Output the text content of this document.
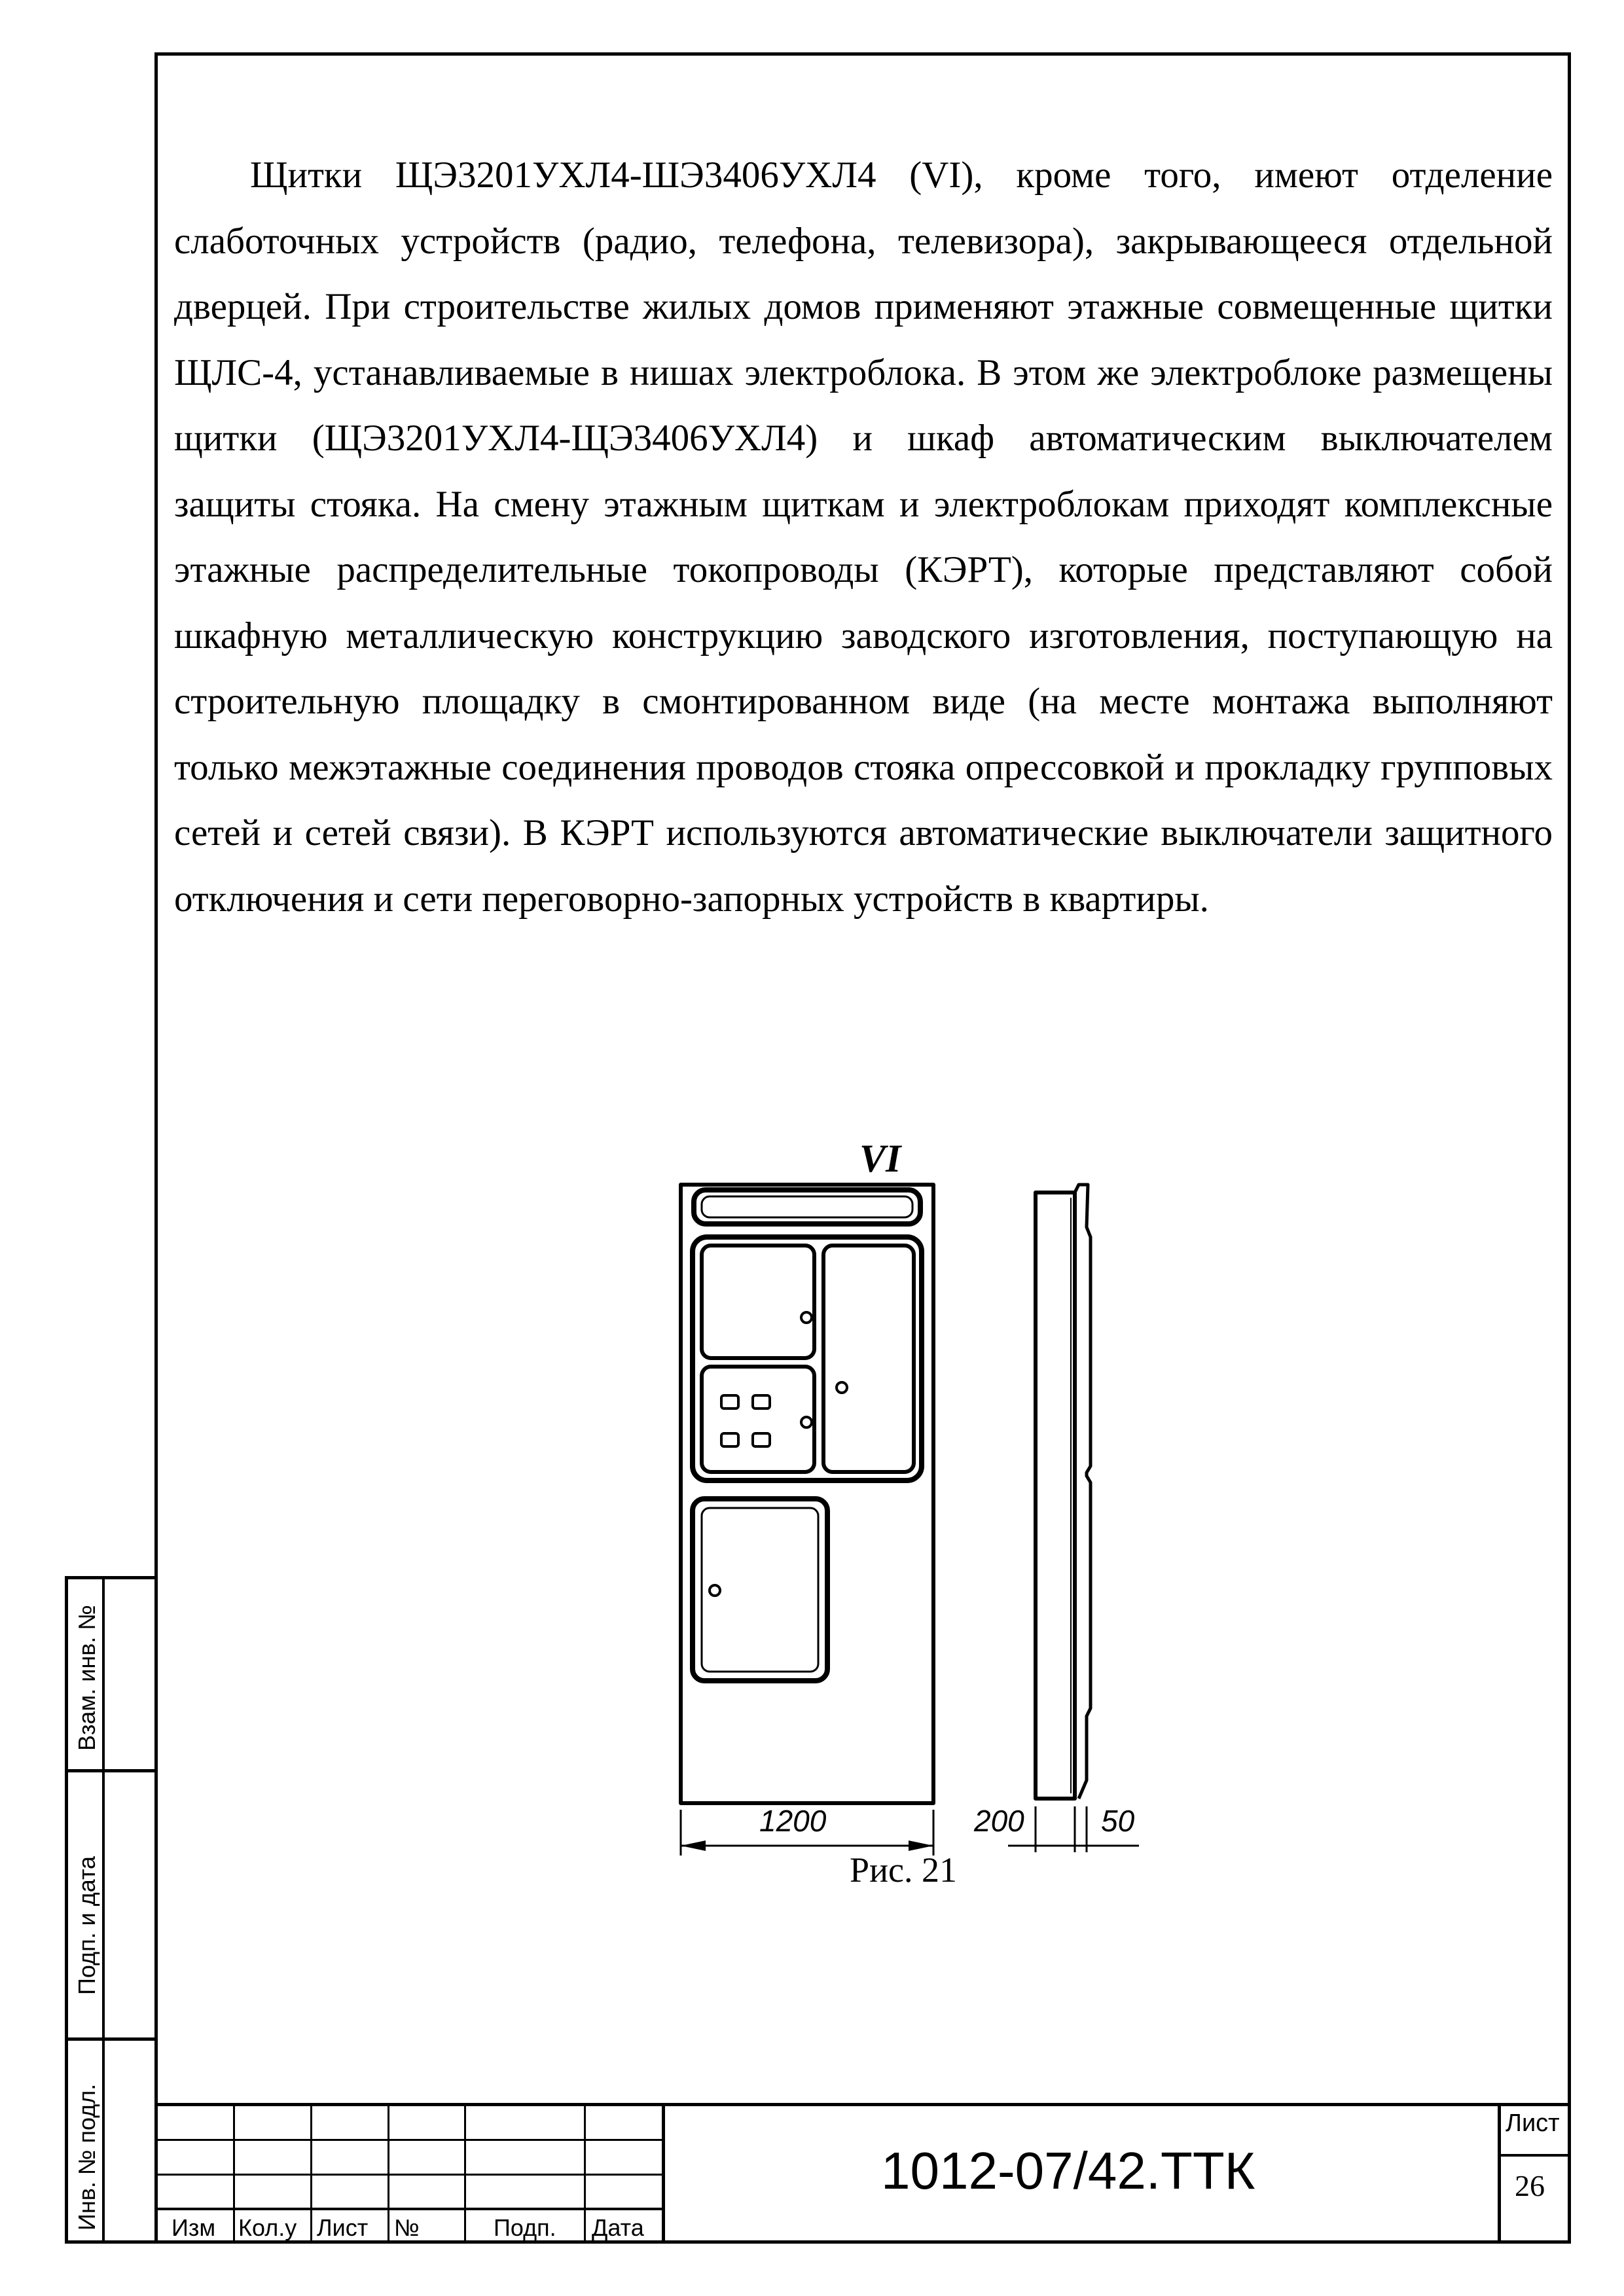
Щитки ЩЭ3201УХЛ4-ШЭ3406УХЛ4 (VI), кроме того, имеют отделение слаботочных устройств (радио, телефона, телевизора), закрывающееся отдельной дверцей. При строительстве жилых домов применяют этажные совмещенные щитки ЩЛС-4, устанавливаемые в нишах электроблока. В этом же электроблоке размещены щитки (ЩЭ3201УХЛ4-ЩЭ3406УХЛ4) и шкаф автоматическим выключателем защиты стояка. На смену этажным щиткам и электроблокам приходят комплексные этажные распределительные токопроводы (КЭРТ), которые представляют собой шкафную металлическую конструкцию заводского изготовления, поступающую на строительную площадку в смонтированном виде (на месте монтажа выполняют только межэтажные соединения проводов стояка опрессовкой и прокладку групповых сетей и сетей связи). В КЭРТ используются автоматические выключатели защитного отключения и сети переговорно-запорных устройств в квартиры.

VI
1200	200	50
Рис. 21
Взам. инв. №
Подп. и дата
Инв. № подл.	Изм Кол.у Лист №	Подп. Дата
1012-07/42.ТТК
Лист
26
